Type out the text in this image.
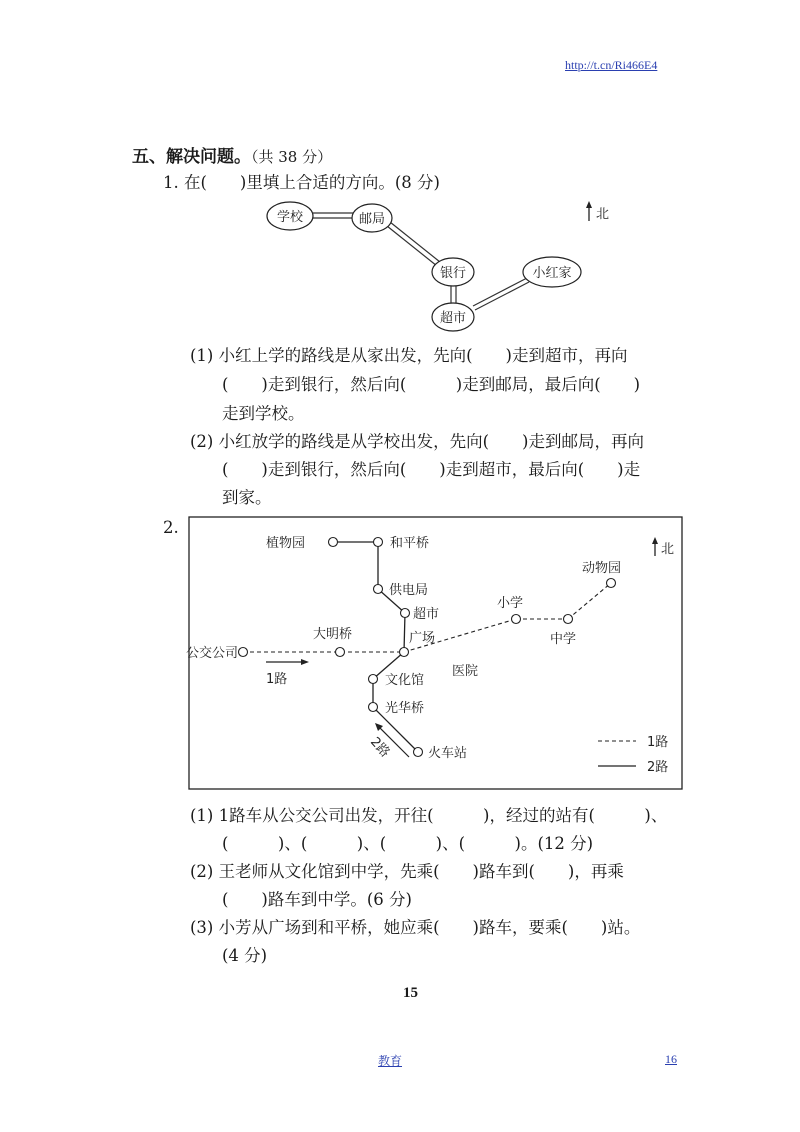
http://t.cn/Ri466E4
五、解决问题。（共 38 分）
1. 在(　　)里填上合适的方向。(8 分)
学校	邮局
银行	小红家
超市
北
植物园	和平桥
供电局
超市
广场
大明桥
公交公司
文化馆
光华桥
火车站
医院
小学
中学
动物园
1路
2路
北
1路
2路
(1) 小红上学的路线是从家出发，先向(　　)走到超市，再向
(　　)走到银行，然后向(　　　)走到邮局，最后向(　　)
走到学校。
(2) 小红放学的路线是从学校出发，先向(　　)走到邮局，再向
(　　)走到银行，然后向(　　)走到超市，最后向(　　)走
到家。
2.
(1) 1路车从公交公司出发，开往(　　　)，经过的站有(　　　)、
(　　　)、(　　　)、(　　　)、(　　　)。(12 分)
(2) 王老师从文化馆到中学，先乘(　　)路车到(　　)，再乘
(　　)路车到中学。(6 分)
(3) 小芳从广场到和平桥，她应乘(　　)路车，要乘(　　)站。
(4 分)
15
教育	16
